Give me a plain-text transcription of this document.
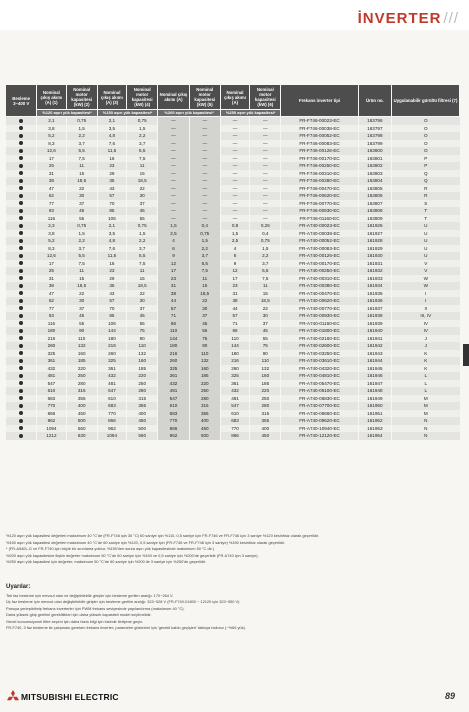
İNVERTER ///
Besleme 3~400 V	Nominal çıkış akımı (A) (1)	Nominal motor kapasitesi (kW) (2)	Nominal çıkış akımı (A) (3)	Nominal motor kapasitesi (kW) (4)	Nominal çıkış akımı (A)	Nominal motor kapasitesi (kW) (5)	Nominal çıkış akımı (A)	Nominal motor kapasitesi (kW) (6)	Frekans inverter tipi	Ürün no.	Uygulanabilir gürültü filtresi (7)
	%120 aşırı yük kapasitesi*		%150 aşırı yük kapasitesi*		%200 aşırı yük kapasitesi*		%250 aşırı yük kapasitesi*				
	2,1	0,75	2,1	0,75	—	—	—	—	FR-F746-00023-EC	163796	O
	3,8	1,5	3,5	1,5	—	—	—	—	FR-F746-00038-EC	163797	O
	5,2	2,2	4,8	2,2	—	—	—	—	FR-F746-00052-EC	163798	O
	8,3	3,7	7,6	3,7	—	—	—	—	FR-F746-00083-EC	163799	O
	12,6	5,5	11,5	5,5	—	—	—	—	FR-F746-00126-EC	163800	O
	17	7,5	16	7,5	—	—	—	—	FR-F746-00170-EC	163801	P
	25	11	23	11	—	—	—	—	FR-F746-00250-EC	163802	P
	31	15	29	15	—	—	—	—	FR-F746-00310-EC	163803	Q
	38	18,5	35	18,5	—	—	—	—	FR-F746-00380-EC	163804	Q
	47	22	43	22	—	—	—	—	FR-F746-00470-EC	163805	R
	62	30	57	30	—	—	—	—	FR-F746-00620-EC	163806	R
	77	37	70	37	—	—	—	—	FR-F746-00770-EC	163807	S
	93	45	85	45	—	—	—	—	FR-F746-00930-EC	163808	T
	116	55	106	55	—	—	—	—	FR-F746-01160-EC	163809	T
	2,3	0,75	2,1	0,75	1,5	0,4	0,8	0,25	FR-A740-00023-EC	161926	U
	3,8	1,5	3,5	1,5	2,5	0,75	1,5	0,4	FR-A740-00038-EC	161927	U
	5,2	2,2	4,8	2,2	4	1,5	2,5	0,75	FR-A740-00052-EC	161928	U
	8,3	3,7	7,6	3,7	6	2,2	4	1,5	FR-A740-00083-EC	161929	U
	12,6	5,5	11,5	5,5	9	3,7	6	2,2	FR-A740-00126-EC	161930	U
	17	7,5	16	7,5	12	5,5	9	3,7	FR-A740-00170-EC	161931	V
	25	11	23	11	17	7,5	12	5,5	FR-A740-00250-EC	161932	V
	31	15	29	15	23	11	17	7,5	FR-A740-00310-EC	161933	W
	38	18,5	35	18,5	31	15	23	11	FR-A740-00380-EC	161934	W
	47	22	43	22	38	18,5	31	15	FR-A740-00470-EC	161935	I
	62	30	57	30	44	22	38	18,5	FR-A740-00620-EC	161936	I
	77	37	70	37	57	30	44	22	FR-A740-00770-EC	161937	II
	93	45	85	45	71	37	57	30	FR-A740-00930-EC	161938	III, IV
	116	55	106	55	86	45	71	37	FR-A740-01160-EC	161939	IV
	180	90	144	75	110	55	86	45	FR-A740-01800-EC	161940	IV
	216	110	180	90	144	75	110	55	FR-A740-02160-EC	161941	J
	260	132	216	110	180	90	144	75	FR-A740-02600-EC	161942	J
	325	160	260	132	216	110	180	90	FR-A740-03250-EC	161943	K
	361	185	325	160	260	132	216	110	FR-A740-03610-EC	161944	K
	432	220	361	185	325	160	260	132	FR-A740-04320-EC	161945	K
	481	250	432	220	361	185	325	160	FR-A740-04810-EC	161946	L
	547	280	481	250	432	220	361	185	FR-A740-05470-EC	161947	L
	610	315	547	280	481	250	432	220	FR-A740-06100-EC	161948	L
	683	355	610	315	547	280	481	250	FR-A740-06830-EC	161949	M
	770	400	683	355	610	315	547	280	FR-A740-07700-EC	161950	M
	866	450	770	400	683	355	610	315	FR-A740-08660-EC	161951	M
	962	500	866	450	770	400	683	355	FR-A740-09620-EC	161952	N
	1094	560	962	500	866	450	770	400	FR-A740-10940-EC	161953	N
	1212	630	1094	560	962	500	866	450	FR-A740-12120-EC	161954	N
%120 aşırı yük kapasitesi değerleri maksimum 40 °C'de (FR-F746 için 30 °C) 60 saniye için %110, 0,5 saniye için FR-F746 ve FR-F746 için 3 saniye %120 kesintisiz olarak geçerlidir.
%150 aşırı yük kapasitesi değerleri maksimum 40 °C'de 60 saniye için %120, 0,5 saniye için (FR-F746 ve FR-F746 için 3 saniye) %150 kesintisiz olarak geçerlidir.
* (FR-A540L-G ve FR-F740 için böyle bir sınırlama yoktur, %150'den sonra aşırı yük kapasitesinde maksimum 50 °C dir.)
%200 aşırı yük kapasitesine ilişkin değerler maksimum 50 °C'de 60 saniye için %150 ve 0,5 saniye için %200'de geçerlidir (FR-A740 için 3 saniye).
%250 aşırı yük kapasitesi için değerler, maksimum 50 °C'de 60 saniye için %200 ile 3 saniye için %250'de geçerlidir.
Uyarılar:
Tek faz besleme için mevcut olan ve değiştirilebilir girişler için besleme gerilim aralığı: 170~264 V.
Üç faz besleme için mevcut olan değiştirilebilir girişler için besleme gerilim aralığı: 323~528 V (FR-F740-01800 ~ 12120 için 323~550 V)
Panoya yerleştirilmiş frekans inverterler için PWM frekans seviyesinde yapılandırma (maksimum 40 °C).
Daha yüksek giriş gerilimi gereklilikleri için daha yüksek kapasiteli model seçilmelidir.
Genel konvansiyonel filtre seçimi için daha fazla bilgi için bizimle iletişime geçin.
FR-F740, 3 faz besleme ile çalışması gereken frekans inverter; parametre gösterimi için 'gerekli kablo geçişleri' tabloya bakınız (~%65 yük).
MITSUBISHI ELECTRIC	89
